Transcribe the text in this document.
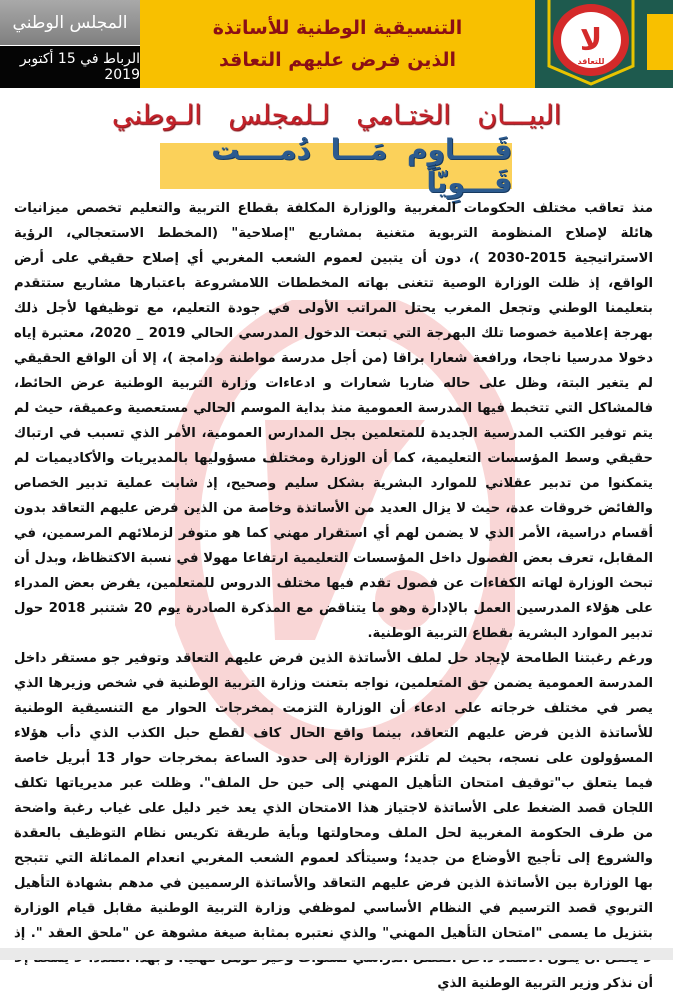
المجلس الوطني
الرباط في 15 أكتوبر 2019
التنسيقية الوطنية للأساتذة
الذين فرض عليهم التعاقد
لا
للتعاقد
البيـــان الختـامي لـلمجلس الـوطني
قَــــاوِم مَـــا دُمــــت قَـــوِيّاً

منذ تعاقب مختلف الحكومات المغربية والوزارة المكلفة بقطاع التربية والتعليم تخصص ميزانيات هائلة لإصلاح المنظومة التربوية متغنية بمشاريع "إصلاحية" (المخطط الاستعجالي، الرؤية الاستراتيجية 2015-2030 )، دون أن يتبين لعموم الشعب المغربي أي إصلاح حقيقي على أرض الواقع، إذ ظلت الوزارة الوصية تتغنى بهاته المخططات اللامشروعة باعتبارها مشاريع ستتقدم بتعليمنا الوطني وتجعل المغرب يحتل المراتب الأولى في جودة التعليم، مع توظيفها لأجل ذلك بهرجة إعلامية خصوصا تلك البهرجة التي تبعت الدخول المدرسي الحالي 2019 _ 2020، معتبرة إياه دخولا مدرسيا ناجحا، ورافعة شعارا براقا (من أجل مدرسة مواطنة ودامجة )، إلا أن الواقع الحقيقي لم يتغير البتة، وظل على حاله ضاربا شعارات و ادعاءات وزارة التربية الوطنية عرض الحائط، فالمشاكل التي تتخبط فيها المدرسة العمومية منذ بداية الموسم الحالي مستعصية وعميقة، حيث لم يتم توفير الكتب المدرسية الجديدة للمتعلمين بجل المدارس العمومية، الأمر الذي تسبب في ارتباك حقيقي وسط المؤسسات التعليمية، كما أن الوزارة ومختلف مسؤوليها بالمديريات والأكاديميات لم يتمكنوا من تدبير عقلاني للموارد البشرية بشكل سليم وصحيح، إذ شابت عملية تدبير الخصاص والفائض خروقات عدة، حيث لا يزال العديد من الأساتذة وخاصة من الذين فرض عليهم التعاقد بدون أقسام دراسية، الأمر الذي لا يضمن لهم أي استقرار مهني كما هو متوفر لزملائهم المرسمين، في المقابل، تعرف بعض الفصول داخل المؤسسات التعليمية ارتفاعا مهولا في نسبة الاكتظاظ، وبدل أن تبحث الوزارة لهاته الكفاءات عن فصول تقدم فيها مختلف الدروس للمتعلمين، يفرض بعض المدراء على هؤلاء المدرسين العمل بالإدارة وهو ما يتناقض مع المذكرة الصادرة يوم 20 شتنبر 2018 حول تدبير الموارد البشرية بقطاع التربية الوطنية.

ورغم رغبتنا الطامحة لإيجاد حل لملف الأساتذة الذين فرض عليهم التعاقد وتوفير جو مستقر داخل المدرسة العمومية يضمن حق المتعلمين، نواجه بتعنت وزارة التربية الوطنية في شخص وزيرها الذي يصر في مختلف خرجاته على ادعاء أن الوزارة التزمت بمخرجات الحوار مع التنسيقية الوطنية للأساتذة الذين فرض عليهم التعاقد، بينما واقع الحال كاف لقطع حبل الكذب الذي دأب هؤلاء المسؤولون على نسجه، بحيث لم تلتزم الوزارة إلى حدود الساعة بمخرجات حوار 13 أبريل خاصة فيما يتعلق ب"توقيف امتحان التأهيل المهني إلى حين حل الملف". وظلت عبر مديرياتها تكلف اللجان قصد الضغط على الأساتذة لاجتياز هذا الامتحان الذي يعد خير دليل على غياب رغبة واضحة من طرف الحكومة المغربية لحل الملف ومحاولتها وبأية طريقة تكريس نظام التوظيف بالعقدة والشروع إلى تأجيج الأوضاع من جديد؛ وسيتأكد لعموم الشعب المغربي انعدام المماثلة التي تتبجح بها الوزارة بين الأساتذة الذين فرض عليهم التعاقد والأساتذة الرسميين في مدهم بشهادة التأهيل التربوي قصد الترسيم في النظام الأساسي لموظفي وزارة التربية الوطنية مقابل قيام الوزارة بتنزيل ما يسمى "امتحان التأهيل المهني" والذي نعتبره بمثابة صيغة مشوهة عن "ملحق العقد ". إذ أن نذكر وزير التربية الوطنية الذي
